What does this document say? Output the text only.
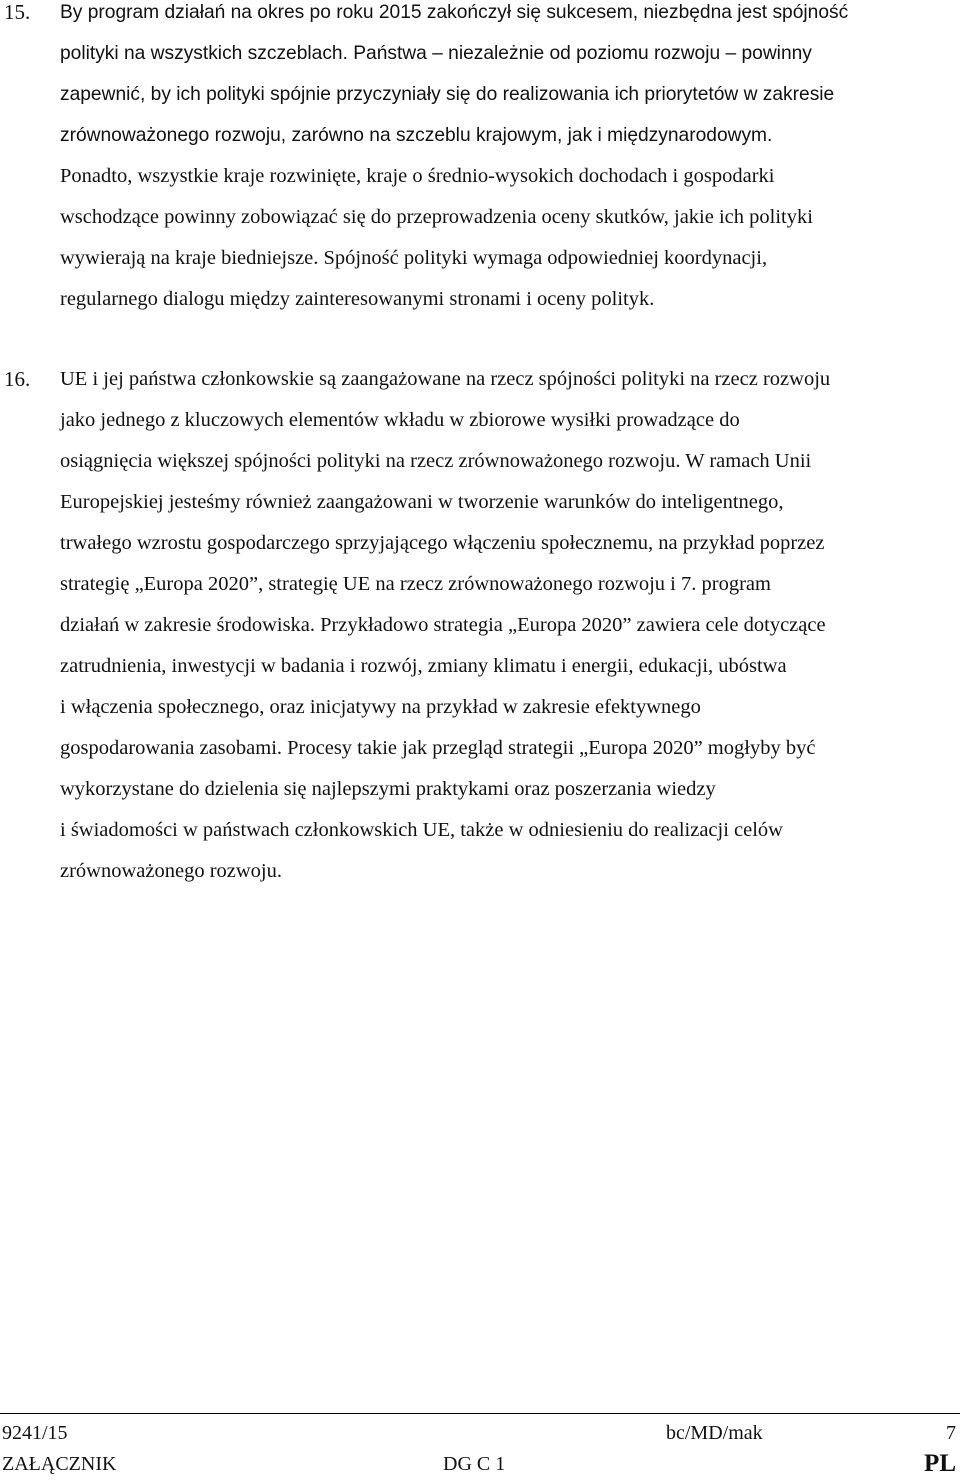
15. By program działań na okres po roku 2015 zakończył się sukcesem, niezbędna jest spójność
polityki na wszystkich szczeblach. Państwa – niezależnie od poziomu rozwoju – powinny
zapewnić, by ich polityki spójnie przyczyniały się do realizowania ich priorytetów w zakresie
zrównoważonego rozwoju, zarówno na szczeblu krajowym, jak i międzynarodowym.
Ponadto, wszystkie kraje rozwinięte, kraje o średnio-wysokich dochodach i gospodarki
wschodzące powinny zobowiązać się do przeprowadzenia oceny skutków, jakie ich polityki
wywierają na kraje biedniejsze. Spójność polityki wymaga odpowiedniej koordynacji,
regularnego dialogu między zainteresowanymi stronami i oceny polityk.
16. UE i jej państwa członkowskie są zaangażowane na rzecz spójności polityki na rzecz rozwoju
jako jednego z kluczowych elementów wkładu w zbiorowe wysiłki prowadzące do
osiągnięcia większej spójności polityki na rzecz zrównoważonego rozwoju. W ramach Unii
Europejskiej jesteśmy również zaangażowani w tworzenie warunków do inteligentnego,
trwałego wzrostu gospodarczego sprzyjającego włączeniu społecznemu, na przykład poprzez
strategię „Europa 2020”, strategię UE na rzecz zrównoważonego rozwoju i 7. program
działań w zakresie środowiska. Przykładowo strategia „Europa 2020” zawiera cele dotyczące
zatrudnienia, inwestycji w badania i rozwój, zmiany klimatu i energii, edukacji, ubóstwa
i włączenia społecznego, oraz inicjatywy na przykład w zakresie efektywnego
gospodarowania zasobami. Procesy takie jak przegląd strategii „Europa 2020” mogłyby być
wykorzystane do dzielenia się najlepszymi praktykami oraz poszerzania wiedzy
i świadomości w państwach członkowskich UE, także w odniesieniu do realizacji celów
zrównoważonego rozwoju.
9241/15	bc/MD/mak	7
ZAŁĄCZNIK	DG C 1	PL
